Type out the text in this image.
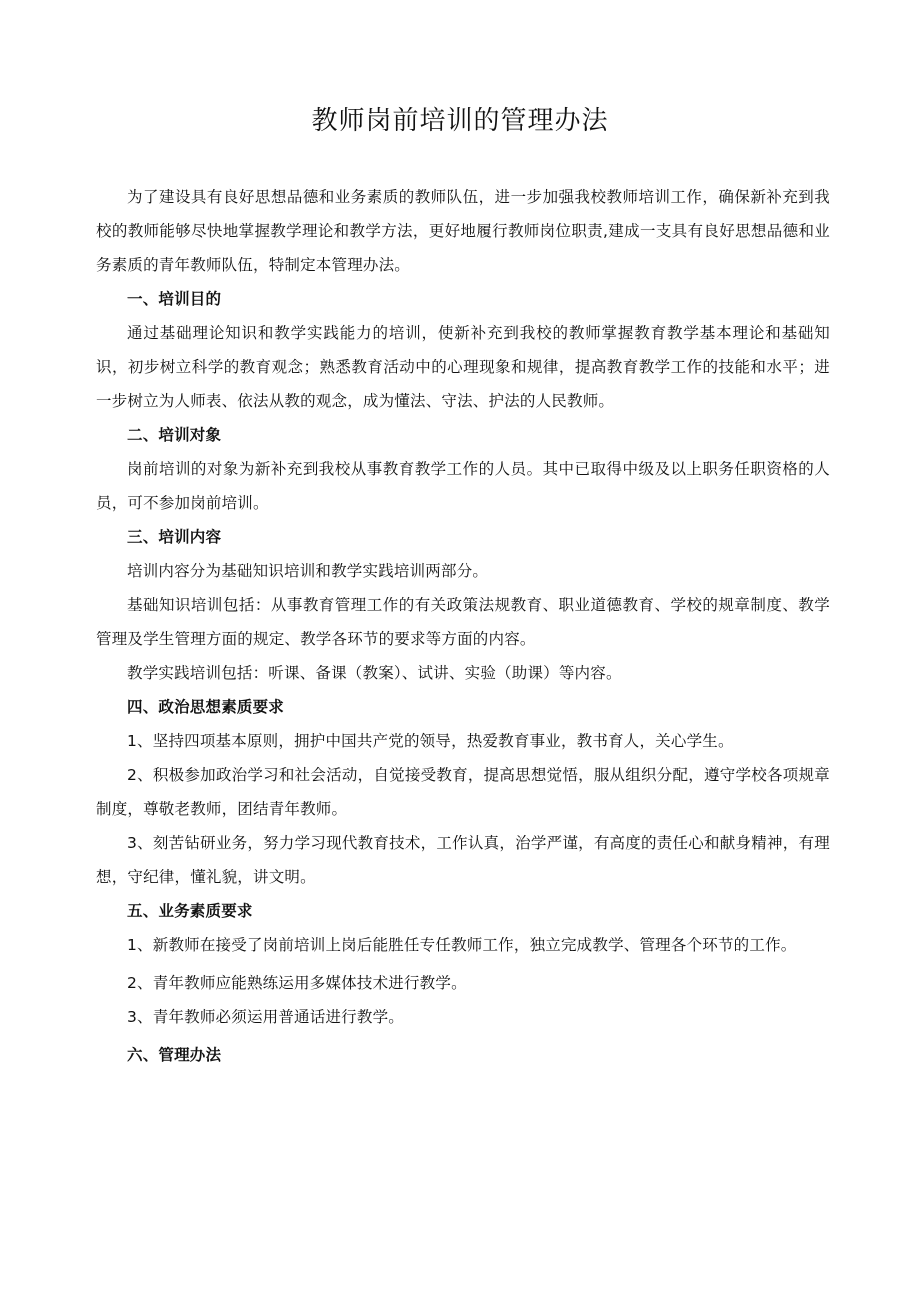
教师岗前培训的管理办法

为了建设具有良好思想品德和业务素质的教师队伍，进一步加强我校教师培训工作，确保新补充到我校的教师能够尽快地掌握教学理论和教学方法，更好地履行教师岗位职责,建成一支具有良好思想品德和业务素质的青年教师队伍，特制定本管理办法。

一、培训目的

通过基础理论知识和教学实践能力的培训，使新补充到我校的教师掌握教育教学基本理论和基础知识，初步树立科学的教育观念；熟悉教育活动中的心理现象和规律，提高教育教学工作的技能和水平；进一步树立为人师表、依法从教的观念，成为懂法、守法、护法的人民教师。

二、培训对象

岗前培训的对象为新补充到我校从事教育教学工作的人员。其中已取得中级及以上职务任职资格的人员，可不参加岗前培训。

三、培训内容

培训内容分为基础知识培训和教学实践培训两部分。

基础知识培训包括：从事教育管理工作的有关政策法规教育、职业道德教育、学校的规章制度、教学管理及学生管理方面的规定、教学各环节的要求等方面的内容。

教学实践培训包括：听课、备课（教案）、试讲、实验（助课）等内容。

四、政治思想素质要求

1、坚持四项基本原则，拥护中国共产党的领导，热爱教育事业，教书育人，关心学生。

2、积极参加政治学习和社会活动，自觉接受教育，提高思想觉悟，服从组织分配，遵守学校各项规章制度，尊敬老教师，团结青年教师。

3、刻苦钻研业务，努力学习现代教育技术，工作认真，治学严谨，有高度的责任心和献身精神，有理想，守纪律，懂礼貌，讲文明。

五、业务素质要求

1、新教师在接受了岗前培训上岗后能胜任专任教师工作，独立完成教学、管理各个环节的工作。

2、青年教师应能熟练运用多媒体技术进行教学。

3、青年教师必须运用普通话进行教学。

六、管理办法
